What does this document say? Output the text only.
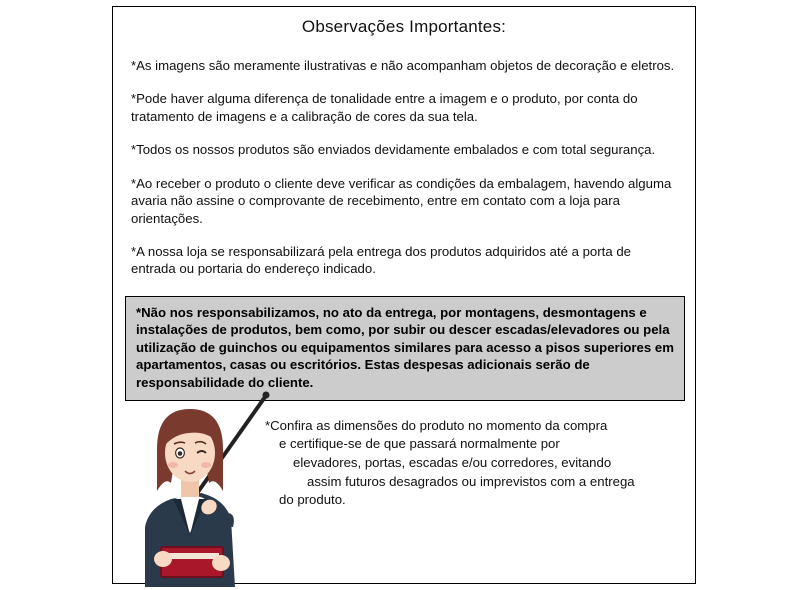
Observações Importantes:

*As imagens são meramente ilustrativas e não acompanham objetos de decoração e eletros.

*Pode haver alguma diferença de tonalidade entre a imagem e o produto, por conta do tratamento de imagens e a calibração de cores da sua tela.

*Todos os nossos produtos são enviados devidamente embalados e com total segurança.

*Ao receber o produto o cliente deve verificar as condições da embalagem, havendo alguma avaria não assine o comprovante de recebimento, entre em contato com a loja para orientações.

*A nossa loja se responsabilizará pela entrega dos produtos adquiridos até a porta de entrada ou portaria do endereço indicado.

*Não nos responsabilizamos, no ato da entrega, por montagens, desmontagens e instalações de produtos, bem como, por subir ou descer escadas/elevadores ou pela utilização de guinchos ou equipamentos similares para acesso a pisos superiores em apartamentos, casas ou escritórios. Estas despesas adicionais serão de responsabilidade do cliente.

*Confira as dimensões do produto no momento da compra
e certifique-se de que passará normalmente por
elevadores, portas, escadas e/ou corredores, evitando
assim futuros desagrados ou imprevistos com a entrega
do produto.
